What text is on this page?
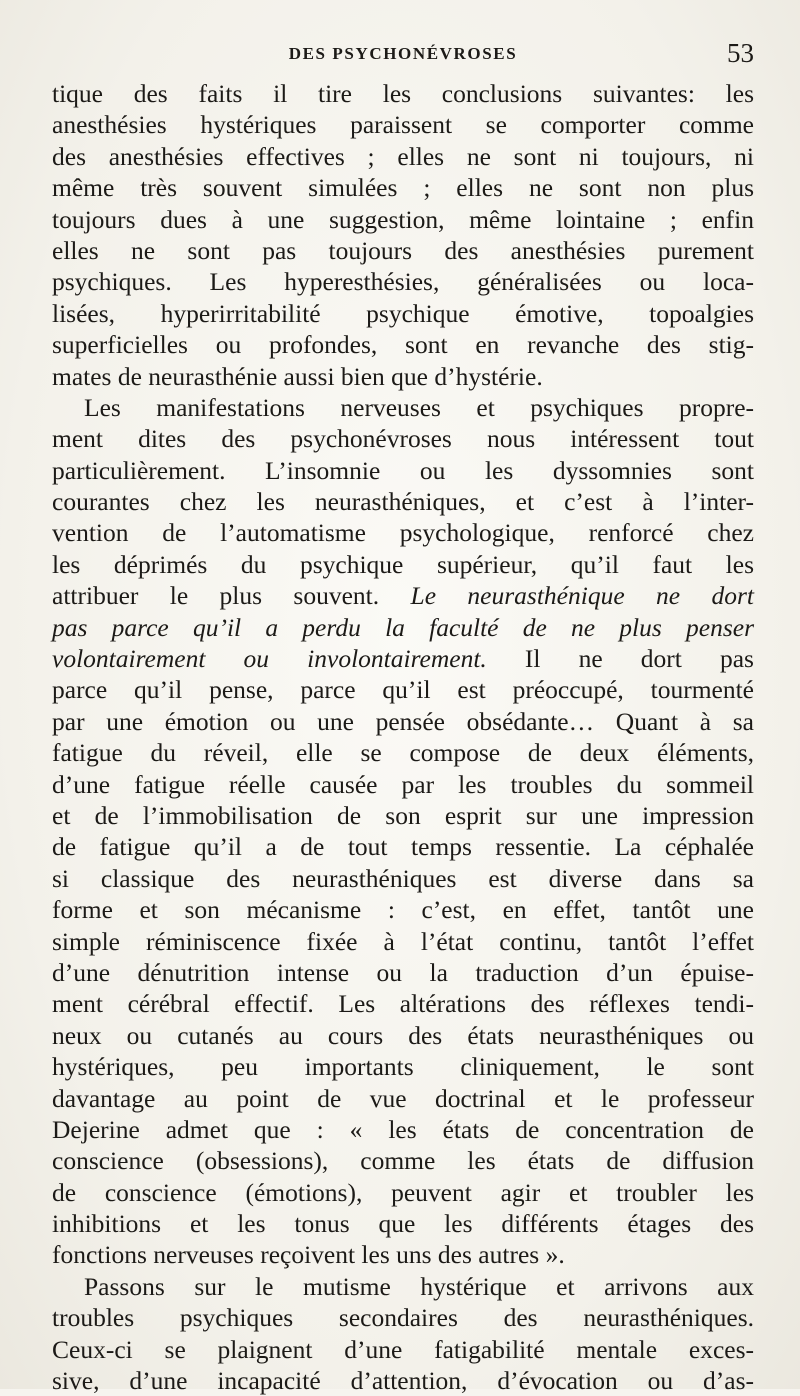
DES PSYCHONÉVROSES	53
tique des faits il tire les conclusions suivantes: les
anesthésies hystériques paraissent se comporter comme
des anesthésies effectives ; elles ne sont ni toujours, ni
même très souvent simulées ; elles ne sont non plus
toujours dues à une suggestion, même lointaine ; enfin
elles ne sont pas toujours des anesthésies purement
psychiques. Les hyperesthésies, généralisées ou loca-
lisées, hyperirritabilité psychique émotive, topoalgies
superficielles ou profondes, sont en revanche des stig-
mates de neurasthénie aussi bien que d’hystérie.
Les manifestations nerveuses et psychiques propre-
ment dites des psychonévroses nous intéressent tout
particulièrement. L’insomnie ou les dyssomnies sont
courantes chez les neurasthéniques, et c’est à l’inter-
vention de l’automatisme psychologique, renforcé chez
les déprimés du psychique supérieur, qu’il faut les
attribuer le plus souvent. Le neurasthénique ne dort
pas parce qu’il a perdu la faculté de ne plus penser
volontairement ou involontairement. Il ne dort pas
parce qu’il pense, parce qu’il est préoccupé, tourmenté
par une émotion ou une pensée obsédante… Quant à sa
fatigue du réveil, elle se compose de deux éléments,
d’une fatigue réelle causée par les troubles du sommeil
et de l’immobilisation de son esprit sur une impression
de fatigue qu’il a de tout temps ressentie. La céphalée
si classique des neurasthéniques est diverse dans sa
forme et son mécanisme : c’est, en effet, tantôt une
simple réminiscence fixée à l’état continu, tantôt l’effet
d’une dénutrition intense ou la traduction d’un épuise-
ment cérébral effectif. Les altérations des réflexes tendi-
neux ou cutanés au cours des états neurasthéniques ou
hystériques, peu importants cliniquement, le sont
davantage au point de vue doctrinal et le professeur
Dejerine admet que : « les états de concentration de
conscience (obsessions), comme les états de diffusion
de conscience (émotions), peuvent agir et troubler les
inhibitions et les tonus que les différents étages des
fonctions nerveuses reçoivent les uns des autres ».
Passons sur le mutisme hystérique et arrivons aux
troubles psychiques secondaires des neurasthéniques.
Ceux-ci se plaignent d’une fatigabilité mentale exces-
sive, d’une incapacité d’attention, d’évocation ou d’as-
